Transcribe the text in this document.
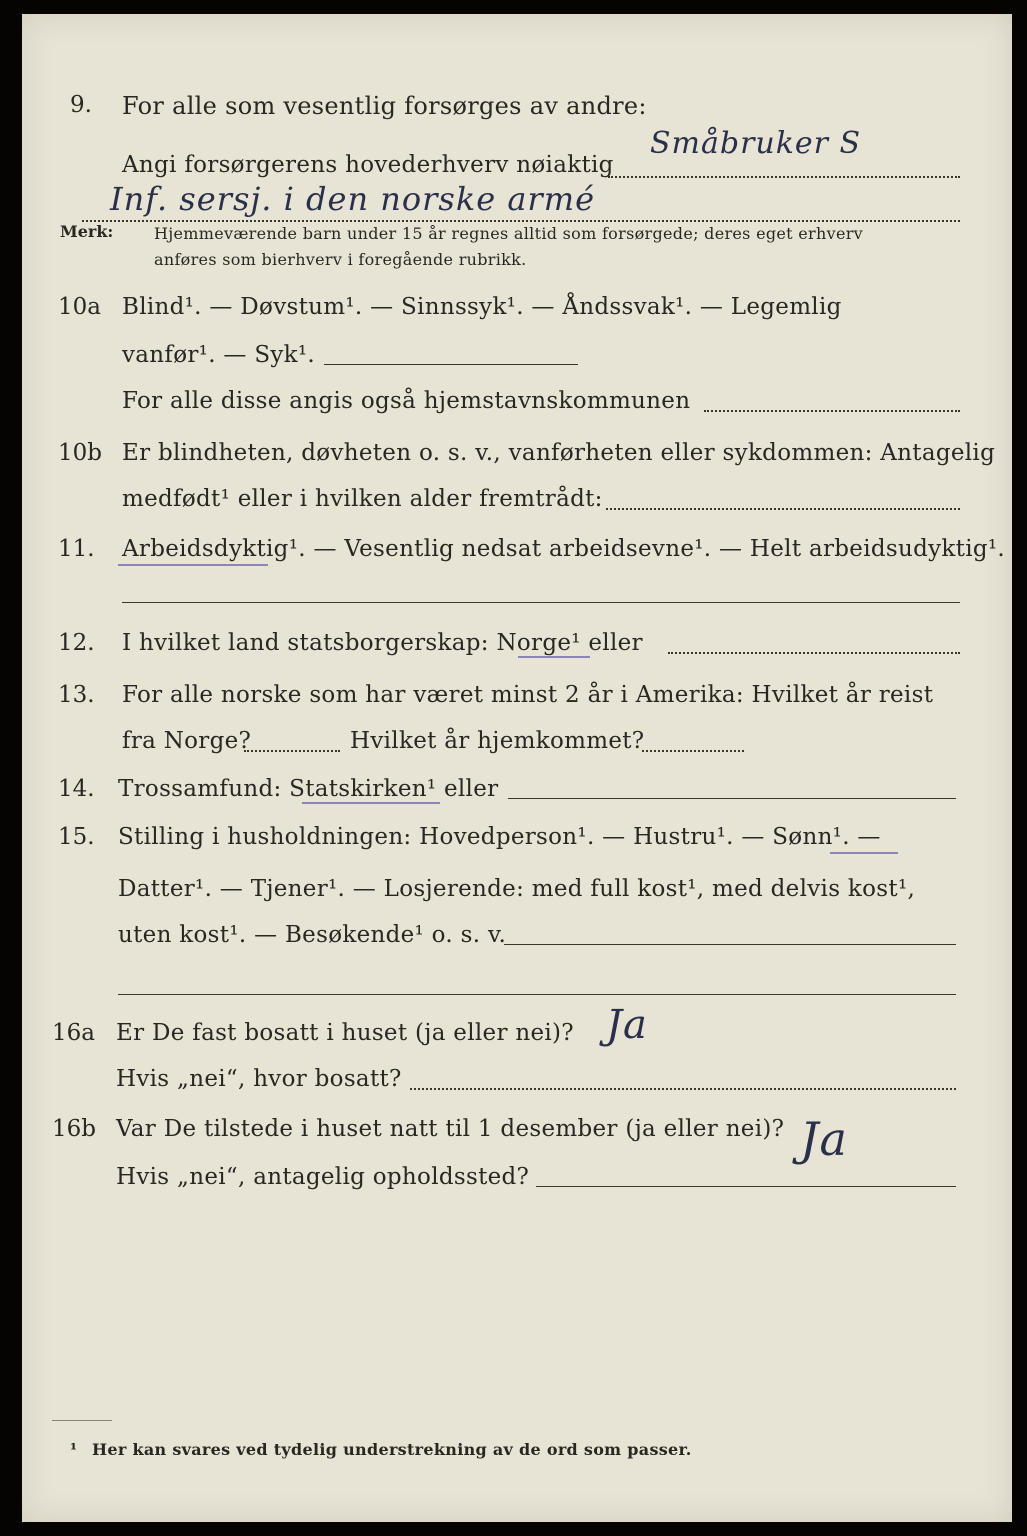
9. For alle som vesentlig forsørges av andre:
Småbruker S
Angi forsørgerens hovederhverv nøiaktig
Inf. sersj. i den norske armé
Merk:	Hjemmeværende barn under 15 år regnes alltid som forsørgede; deres eget erhverv
anføres som bierhverv i foregående rubrikk.
10a Blind¹. — Døvstum¹. — Sinnssyk¹. — Åndssvak¹. — Legemlig
vanfør¹. — Syk¹.
For alle disse angis også hjemstavnskommunen
10b Er blindheten, døvheten o. s. v., vanførheten eller sykdommen: Antagelig
medfødt¹ eller i hvilken alder fremtrådt:
11. Arbeidsdyktig¹. — Vesentlig nedsat arbeidsevne¹. — Helt arbeidsudyktig¹.
12. I hvilket land statsborgerskap: Norge¹ eller
13. For alle norske som har været minst 2 år i Amerika: Hvilket år reist
fra Norge?	Hvilket år hjemkommet?
14. Trossamfund: Statskirken¹ eller
15. Stilling i husholdningen: Hovedperson¹. — Hustru¹. — Sønn¹. —
Datter¹. — Tjener¹. — Losjerende: med full kost¹, med delvis kost¹,
uten kost¹. — Besøkende¹ o. s. v.
16a Er De fast bosatt i huset (ja eller nei)? Ja
Hvis „nei“, hvor bosatt?
16b Var De tilstede i huset natt til 1 desember (ja eller nei)? Ja
Hvis „nei“, antagelig opholdssted?
¹ Her kan svares ved tydelig understrekning av de ord som passer.
